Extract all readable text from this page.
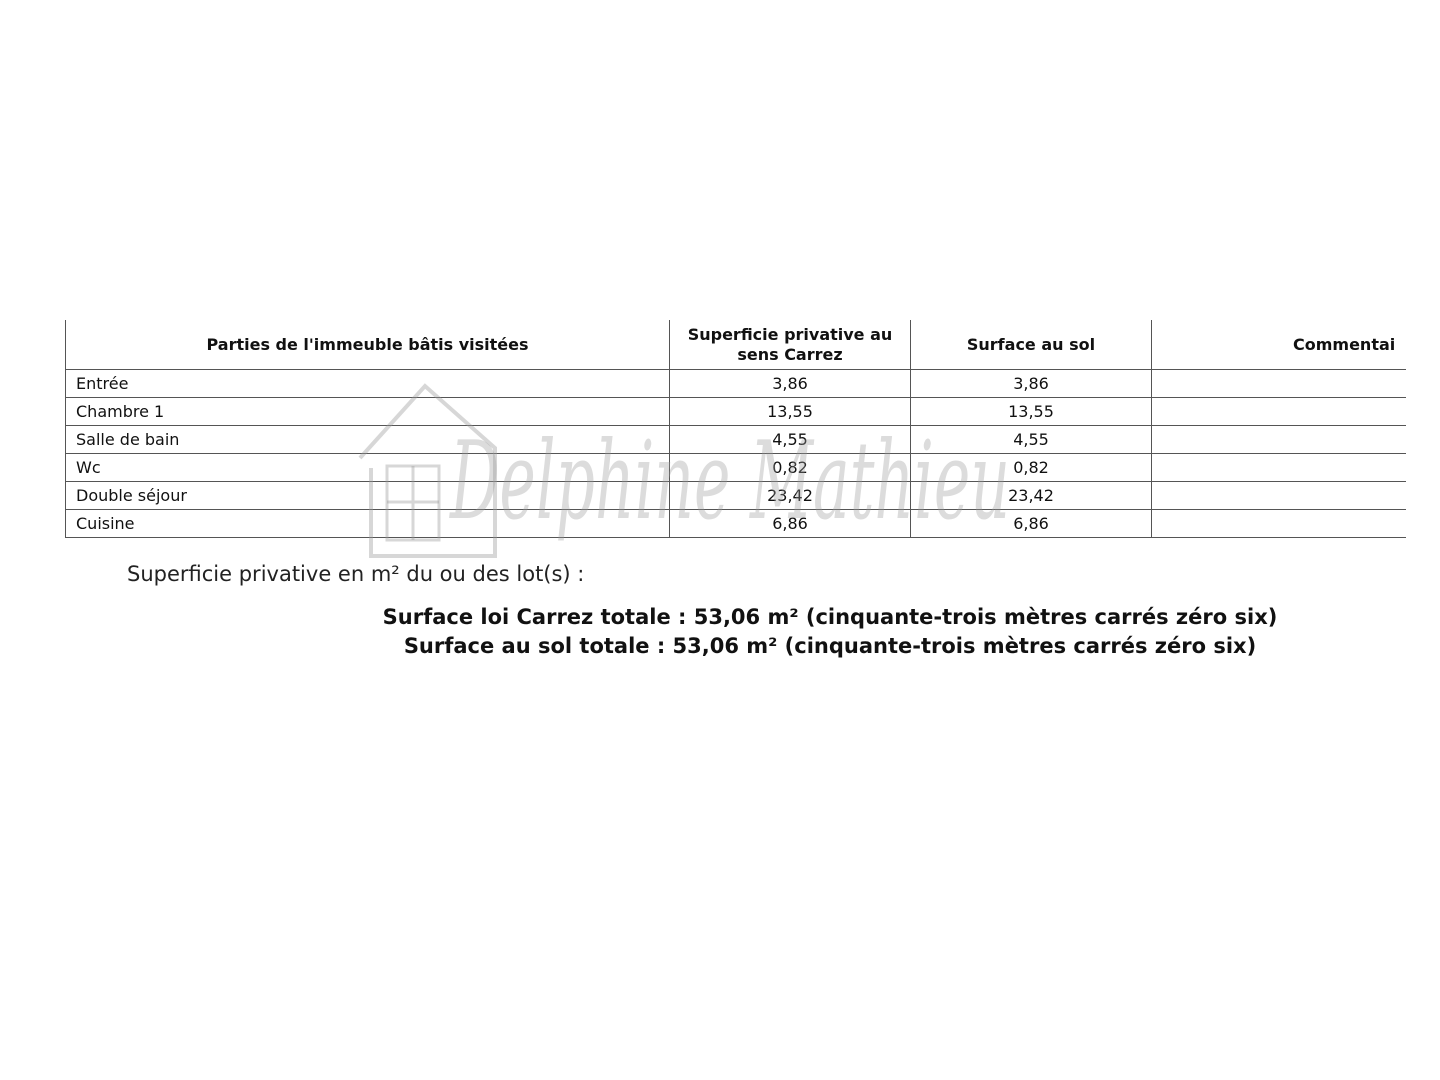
Parties de l'immeuble bâtis visitées	Superficie privative au sens Carrez	Surface au sol	Commentai
Entrée	3,86	3,86	
Chambre 1	13,55	13,55	
Salle de bain	4,55	4,55	
Wc	0,82	0,82	
Double séjour	23,42	23,42	
Cuisine	6,86	6,86	
Delphine Mathieu
Superficie privative en m² du ou des lot(s) :
Surface loi Carrez totale : 53,06 m² (cinquante-trois mètres carrés zéro six)
Surface au sol totale : 53,06 m² (cinquante-trois mètres carrés zéro six)
